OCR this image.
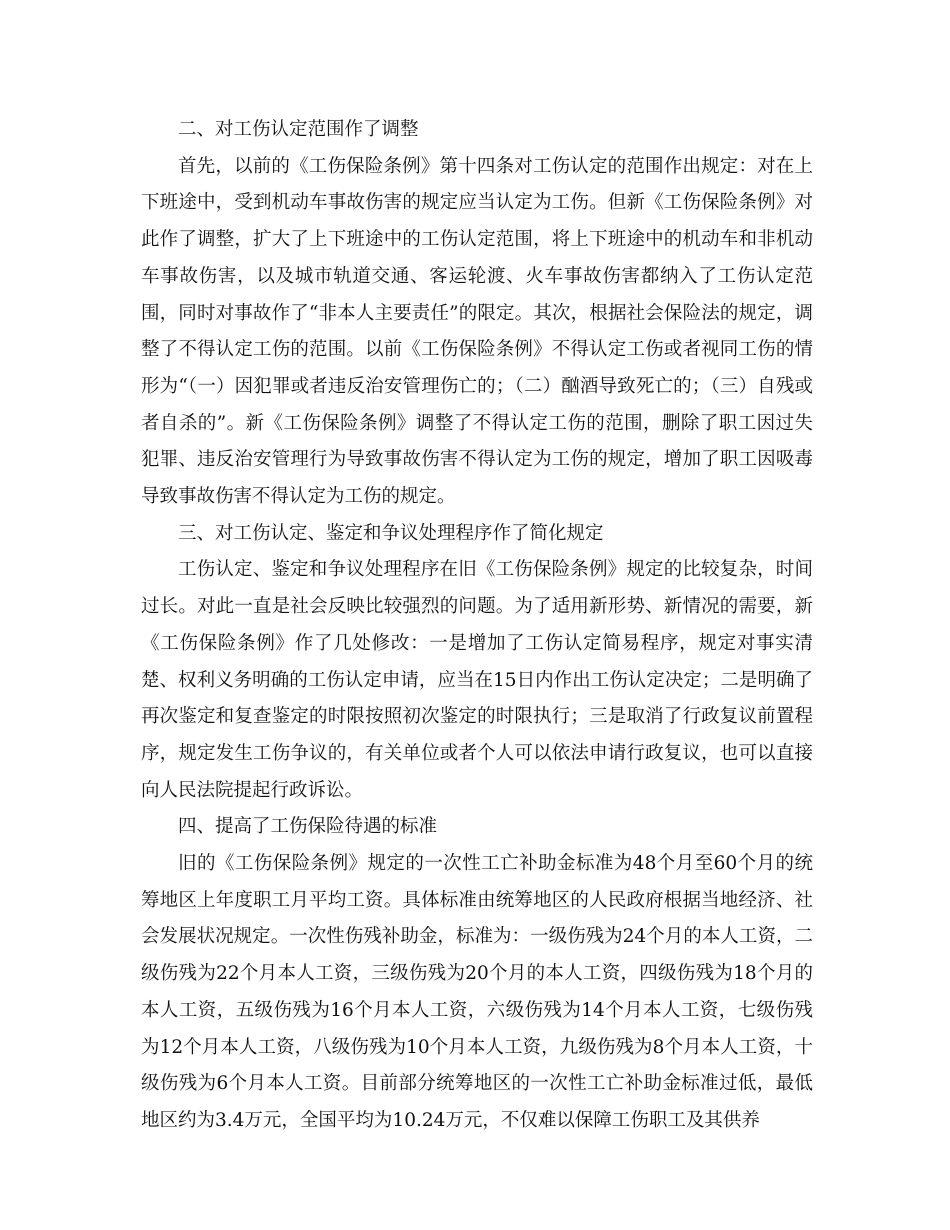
二、对工伤认定范围作了调整

首先，以前的《工伤保险条例》第十四条对工伤认定的范围作出规定：对在上下班途中，受到机动车事故伤害的规定应当认定为工伤。但新《工伤保险条例》对此作了调整，扩大了上下班途中的工伤认定范围，将上下班途中的机动车和非机动车事故伤害，以及城市轨道交通、客运轮渡、火车事故伤害都纳入了工伤认定范围，同时对事故作了“非本人主要责任”的限定。其次，根据社会保险法的规定，调整了不得认定工伤的范围。以前《工伤保险条例》不得认定工伤或者视同工伤的情形为“（一）因犯罪或者违反治安管理伤亡的；（二）酗酒导致死亡的；（三）自残或者自杀的”。新《工伤保险条例》调整了不得认定工伤的范围，删除了职工因过失犯罪、违反治安管理行为导致事故伤害不得认定为工伤的规定，增加了职工因吸毒导致事故伤害不得认定为工伤的规定。

三、对工伤认定、鉴定和争议处理程序作了简化规定

工伤认定、鉴定和争议处理程序在旧《工伤保险条例》规定的比较复杂，时间过长。对此一直是社会反映比较强烈的问题。为了适用新形势、新情况的需要，新《工伤保险条例》作了几处修改：一是增加了工伤认定简易程序，规定对事实清楚、权利义务明确的工伤认定申请，应当在15日内作出工伤认定决定；二是明确了再次鉴定和复查鉴定的时限按照初次鉴定的时限执行；三是取消了行政复议前置程序，规定发生工伤争议的，有关单位或者个人可以依法申请行政复议，也可以直接向人民法院提起行政诉讼。

四、提高了工伤保险待遇的标准

旧的《工伤保险条例》规定的一次性工亡补助金标准为48个月至60个月的统筹地区上年度职工月平均工资。具体标准由统筹地区的人民政府根据当地经济、社会发展状况规定。一次性伤残补助金，标准为：一级伤残为24个月的本人工资，二级伤残为22个月本人工资，三级伤残为20个月的本人工资，四级伤残为18个月的本人工资，五级伤残为16个月本人工资，六级伤残为14个月本人工资，七级伤残为12个月本人工资，八级伤残为10个月本人工资，九级伤残为8个月本人工资，十级伤残为6个月本人工资。目前部分统筹地区的一次性工亡补助金标准过低，最低地区约为3.4万元，全国平均为10.24万元，不仅难以保障工伤职工及其供养
